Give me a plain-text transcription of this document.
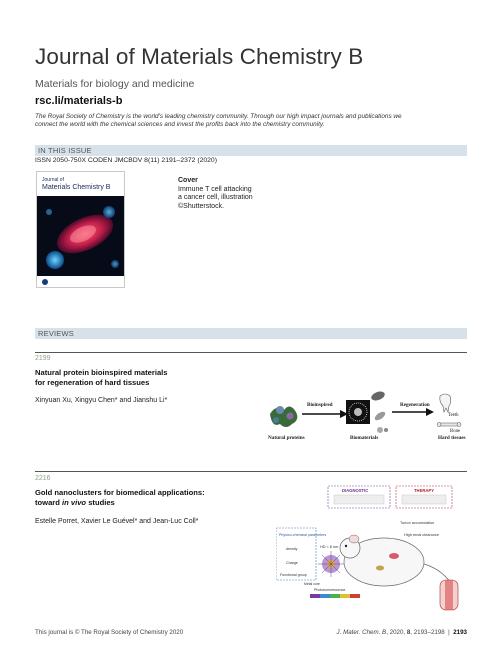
Journal of Materials Chemistry B
Materials for biology and medicine
rsc.li/materials-b
The Royal Society of Chemistry is the world's leading chemistry community. Through our high impact journals and publications we
connect the world with the chemical sciences and invest the profits back into the chemistry community.
IN THIS ISSUE
ISSN 2050-750X CODEN JMCBDV 8(11) 2191–2372 (2020)
Journal of
Materials Chemistry B
Cover
Immune T cell attacking
a cancer cell, illustration
©Shutterstock.
REVIEWS
2199
Natural protein bioinspired materials
for regeneration of hard tissues
Xinyuan Xu, Xingyu Chen* and Jianshu Li*
Natural proteins
Bioinspired
Biomaterials
Regeneration
Teeth
Bone
Hard tissues
2216
Gold nanoclusters for biomedical applications:
toward in vivo studies
Estelle Porret, Xavier Le Guével* and Jean-Luc Coll*
DIAGNOSTIC	THERAPY
Tumor accumulation
High renal clearance
Physico-chemical parameters
density
Charge
Functional group
HD < 8 nm
Metal core
Photoluminescence
This journal is © The Royal Society of Chemistry 2020	J. Mater. Chem. B, 2020, 8, 2193–2198 | 2193
